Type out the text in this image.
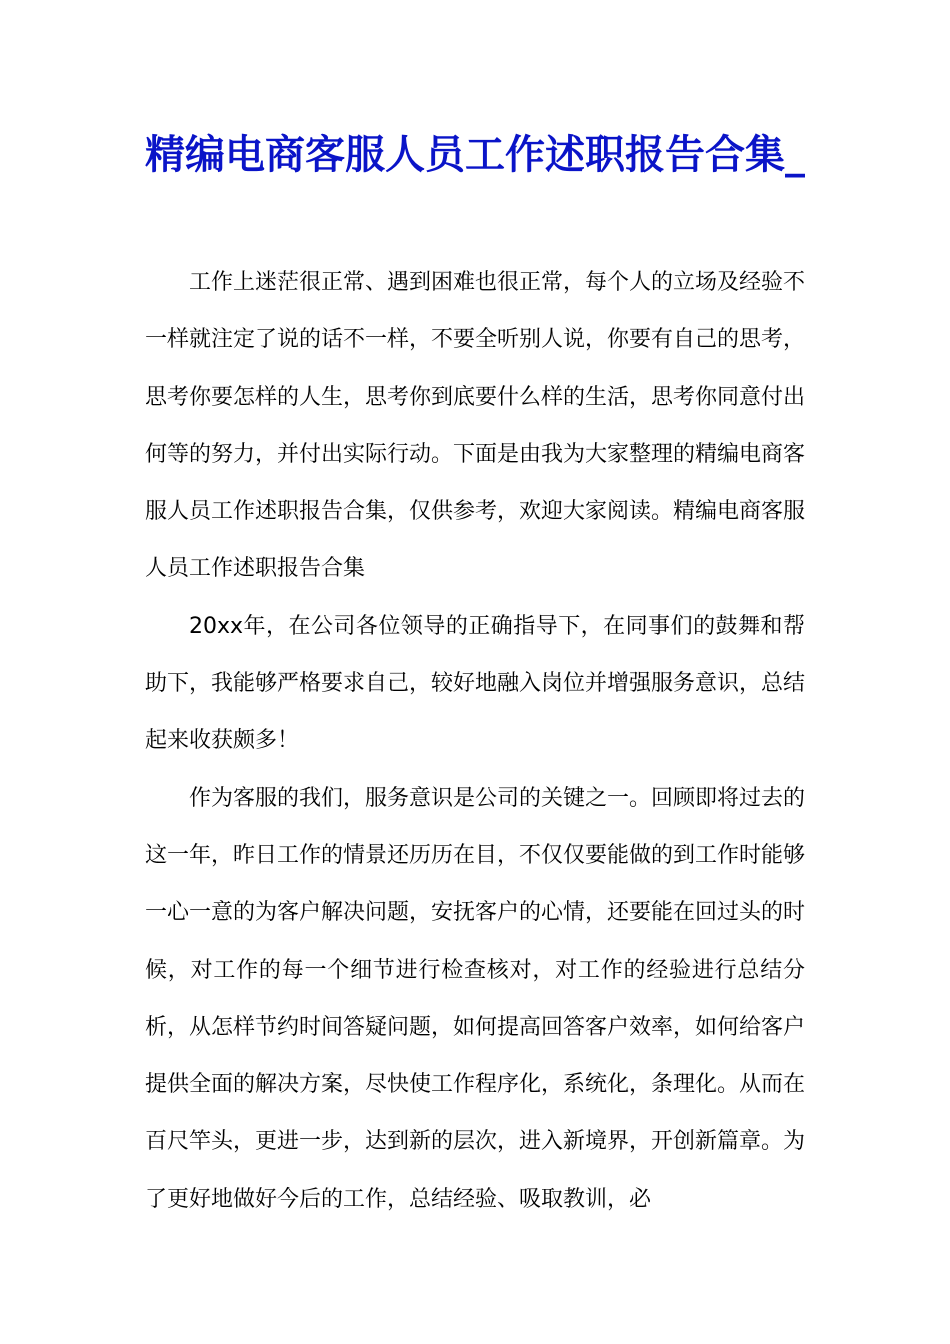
精编电商客服人员工作述职报告合集_

工作上迷茫很正常、遇到困难也很正常，每个人的立场及经验不一样就注定了说的话不一样，不要全听别人说，你要有自己的思考，思考你要怎样的人生，思考你到底要什么样的生活，思考你同意付出何等的努力，并付出实际行动。下面是由我为大家整理的精编电商客服人员工作述职报告合集，仅供参考，欢迎大家阅读。精编电商客服人员工作述职报告合集

20xx年，在公司各位领导的正确指导下，在同事们的鼓舞和帮助下，我能够严格要求自己，较好地融入岗位并增强服务意识，总结起来收获颇多！

作为客服的我们，服务意识是公司的关键之一。回顾即将过去的这一年，昨日工作的情景还历历在目，不仅仅要能做的到工作时能够一心一意的为客户解决问题，安抚客户的心情，还要能在回过头的时候，对工作的每一个细节进行检查核对，对工作的经验进行总结分析，从怎样节约时间答疑问题，如何提高回答客户效率，如何给客户提供全面的解决方案，尽快使工作程序化，系统化，条理化。从而在百尺竿头，更进一步，达到新的层次，进入新境界，开创新篇章。为了更好地做好今后的工作，总结经验、吸取教训，必
